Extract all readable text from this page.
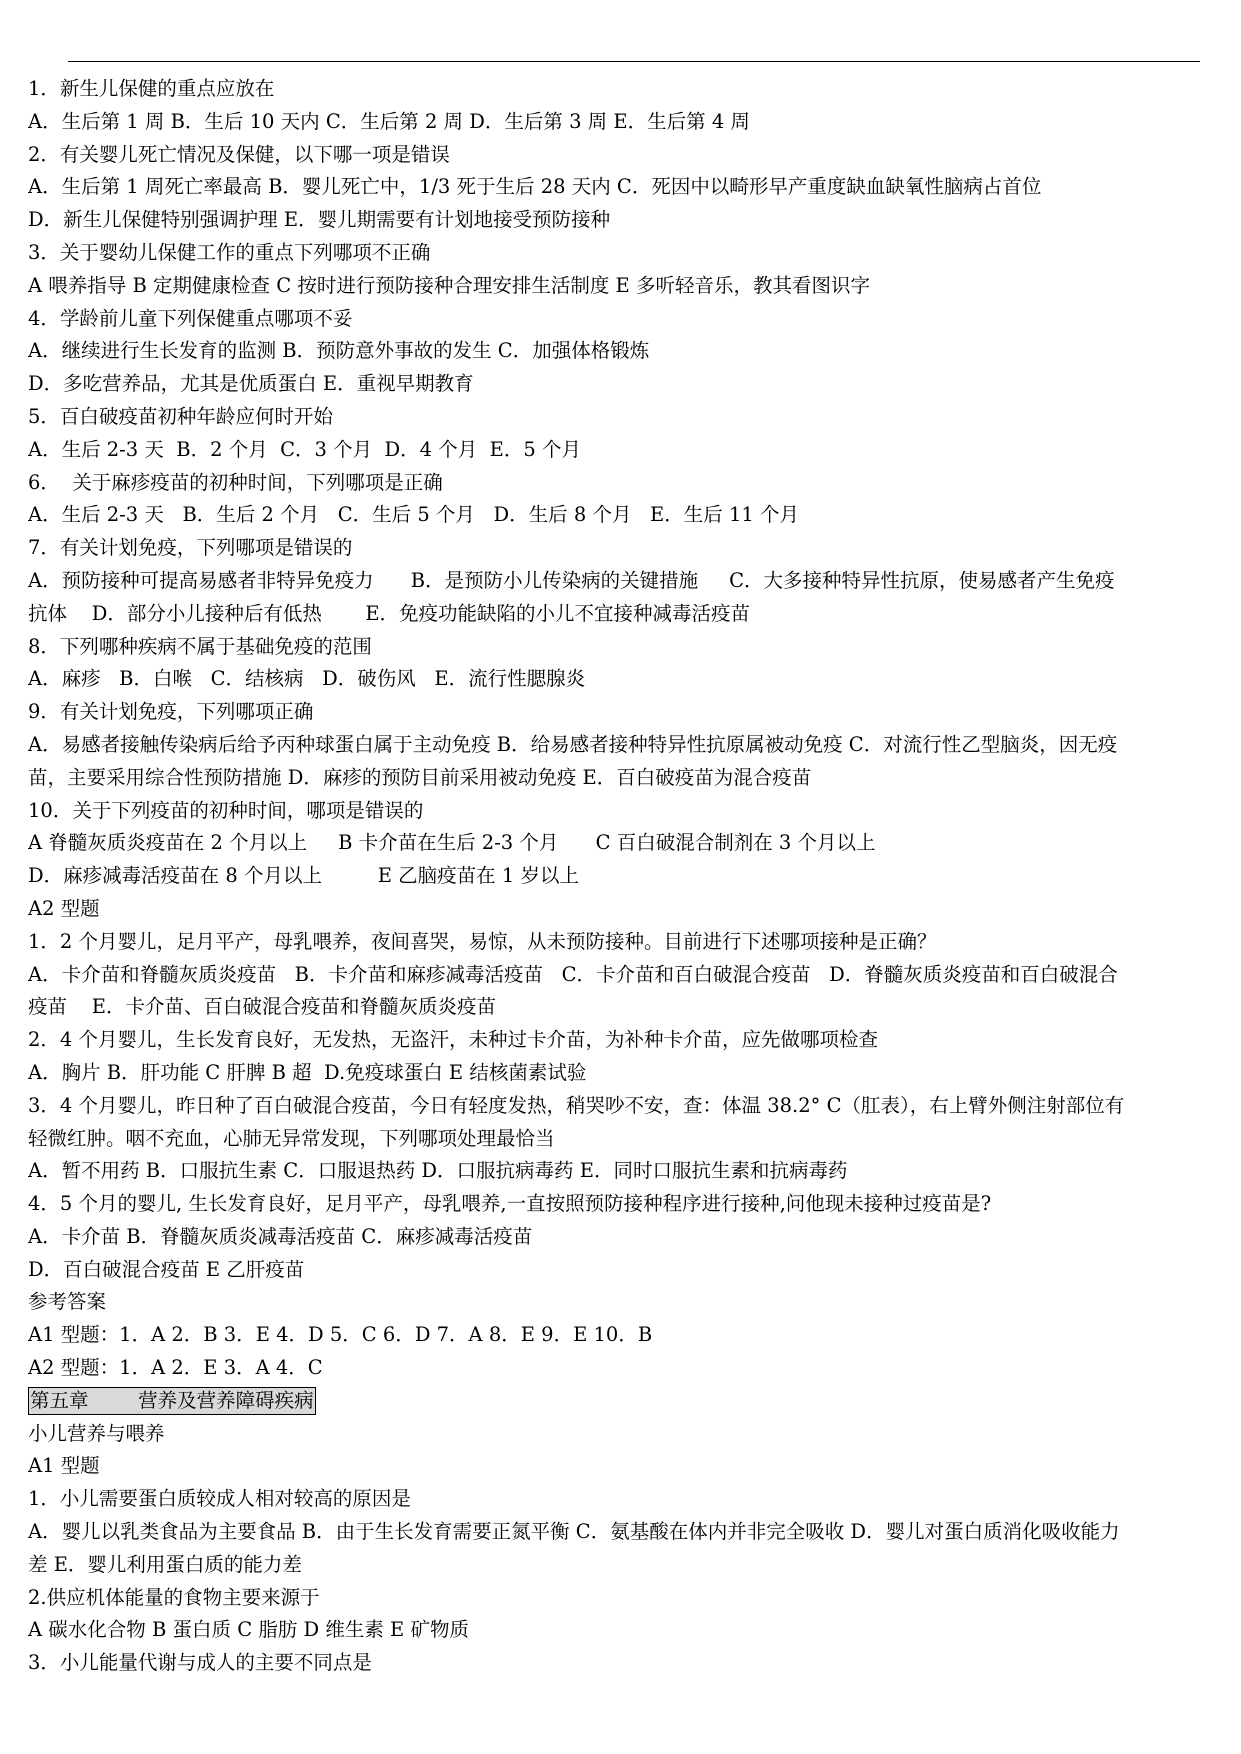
1．新生儿保健的重点应放在
A．生后第 1 周 B．生后 10 天内 C．生后第 2 周 D．生后第 3 周 E．生后第 4 周
2．有关婴儿死亡情况及保健，以下哪一项是错误
A．生后第 1 周死亡率最高 B．婴儿死亡中，1/3 死于生后 28 天内 C．死因中以畸形早产重度缺血缺氧性脑病占首位
D．新生儿保健特别强调护理 E．婴儿期需要有计划地接受预防接种
3．关于婴幼儿保健工作的重点下列哪项不正确
A 喂养指导 B 定期健康检查 C 按时进行预防接种合理安排生活制度 E 多听轻音乐，教其看图识字
4．学龄前儿童下列保健重点哪项不妥
A．继续进行生长发育的监测 B．预防意外事故的发生 C．加强体格锻炼
D．多吃营养品，尤其是优质蛋白 E．重视早期教育
5．百白破疫苗初种年龄应何时开始
A．生后 2-3 天  B．2 个月  C．3 个月  D．4 个月  E．5 个月
6．  关于麻疹疫苗的初种时间，下列哪项是正确
A．生后 2-3 天   B．生后 2 个月   C．生后 5 个月   D．生后 8 个月   E．生后 11 个月
7．有关计划免疫，下列哪项是错误的
A．预防接种可提高易感者非特异免疫力      B．是预防小儿传染病的关键措施     C．大多接种特异性抗原，使易感者产生免疫
抗体    D．部分小儿接种后有低热       E．免疫功能缺陷的小儿不宜接种减毒活疫苗
8．下列哪种疾病不属于基础免疫的范围
A．麻疹   B．白喉   C．结核病   D．破伤风   E．流行性腮腺炎
9．有关计划免疫，下列哪项正确
A．易感者接触传染病后给予丙种球蛋白属于主动免疫 B．给易感者接种特异性抗原属被动免疫 C．对流行性乙型脑炎，因无疫
苗，主要采用综合性预防措施 D．麻疹的预防目前采用被动免疫 E．百白破疫苗为混合疫苗
10．关于下列疫苗的初种时间，哪项是错误的
A 脊髓灰质炎疫苗在 2 个月以上     B 卡介苗在生后 2-3 个月      C 百白破混合制剂在 3 个月以上
D．麻疹减毒活疫苗在 8 个月以上         E 乙脑疫苗在 1 岁以上
A2 型题
1．2 个月婴儿，足月平产，母乳喂养，夜间喜哭，易惊，从未预防接种。目前进行下述哪项接种是正确？
A．卡介苗和脊髓灰质炎疫苗   B．卡介苗和麻疹减毒活疫苗   C．卡介苗和百白破混合疫苗   D．脊髓灰质炎疫苗和百白破混合
疫苗    E．卡介苗、百白破混合疫苗和脊髓灰质炎疫苗
2．4 个月婴儿，生长发育良好，无发热，无盗汗，未种过卡介苗，为补种卡介苗，应先做哪项检查
A．胸片 B．肝功能 C 肝脾 B 超  D.免疫球蛋白 E 结核菌素试验
3．4 个月婴儿，昨日种了百白破混合疫苗，今日有轻度发热，稍哭吵不安，查：体温 38.2° C（肛表），右上臂外侧注射部位有
轻微红肿。咽不充血，心肺无异常发现，下列哪项处理最恰当
A．暂不用药 B．口服抗生素 C．口服退热药 D．口服抗病毒药 E．同时口服抗生素和抗病毒药
4．5 个月的婴儿, 生长发育良好，足月平产，母乳喂养,一直按照预防接种程序进行接种,问他现未接种过疫苗是?
A．卡介苗 B．脊髓灰质炎减毒活疫苗 C．麻疹减毒活疫苗
D．百白破混合疫苗 E 乙肝疫苗
参考答案
A1 型题：1．A 2．B 3．E 4．D 5．C 6．D 7．A 8．E 9．E 10．B
A2 型题：1．A 2．E 3．A 4．C
第五章        营养及营养障碍疾病
小儿营养与喂养
A1 型题
1．小儿需要蛋白质较成人相对较高的原因是
A．婴儿以乳类食品为主要食品 B．由于生长发育需要正氮平衡 C．氨基酸在体内并非完全吸收 D．婴儿对蛋白质消化吸收能力
差 E．婴儿利用蛋白质的能力差
2.供应机体能量的食物主要来源于
A 碳水化合物 B 蛋白质 C 脂肪 D 维生素 E 矿物质
3．小儿能量代谢与成人的主要不同点是
